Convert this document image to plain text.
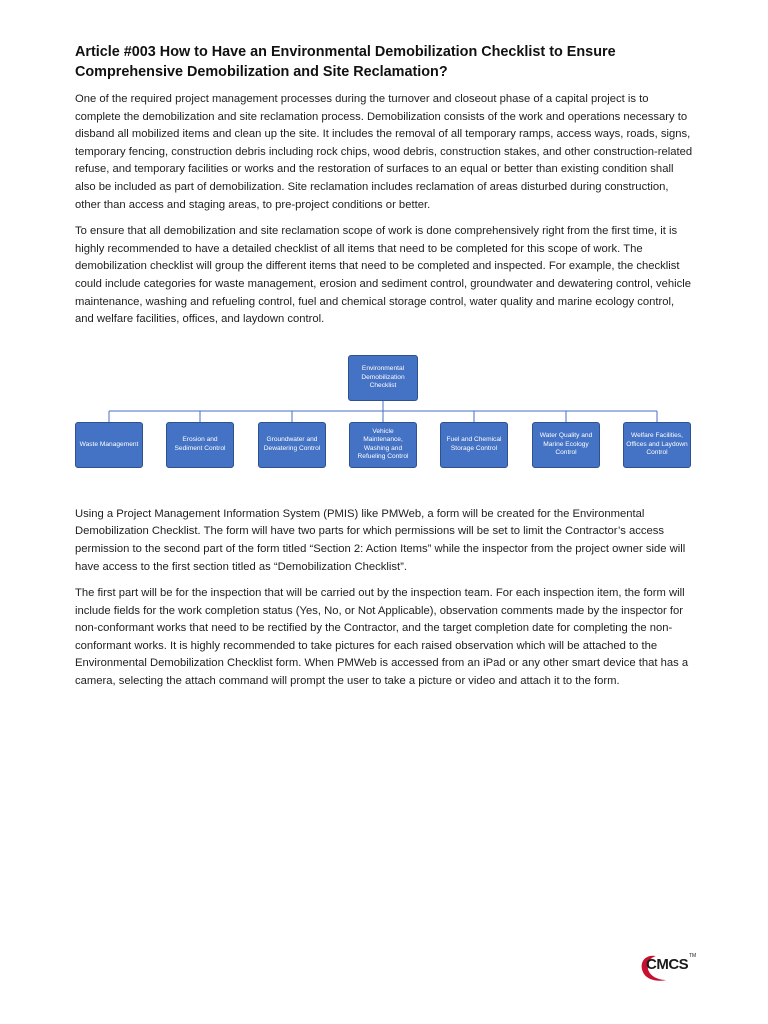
Article #003 How to Have an Environmental Demobilization Checklist to Ensure Comprehensive Demobilization and Site Reclamation?

One of the required project management processes during the turnover and closeout phase of a capital project is to complete the demobilization and site reclamation process. Demobilization consists of the work and operations necessary to disband all mobilized items and clean up the site. It includes the removal of all temporary ramps, access ways, roads, signs, temporary fencing, construction debris including rock chips, wood debris, construction stakes, and other construction-related refuse, and temporary facilities or works and the restoration of surfaces to an equal or better than existing condition shall also be included as part of demobilization. Site reclamation includes reclamation of areas disturbed during construction, other than access and staging areas, to pre-project conditions or better.

To ensure that all demobilization and site reclamation scope of work is done comprehensively right from the first time, it is highly recommended to have a detailed checklist of all items that need to be completed for this scope of work. The demobilization checklist will group the different items that need to be completed and inspected. For example, the checklist could include categories for waste management, erosion and sediment control, groundwater and dewatering control, vehicle maintenance, washing and refueling control, fuel and chemical storage control, water quality and marine ecology control, and welfare facilities, offices, and laydown control.

Environmental Demobilization Checklist
Waste Management
Erosion and Sediment Control
Groundwater and Dewatering Control
Vehicle Maintenance, Washing and Refueling Control
Fuel and Chemical Storage Control
Water Quality and Marine Ecology Control
Welfare Facilities, Offices and Laydown Control

Using a Project Management Information System (PMIS) like PMWeb, a form will be created for the Environmental Demobilization Checklist. The form will have two parts for which permissions will be set to limit the Contractor’s access permission to the second part of the form titled “Section 2: Action Items” while the inspector from the project owner side will have access to the first section titled as “Demobilization Checklist”.

The first part will be for the inspection that will be carried out by the inspection team. For each inspection item, the form will include fields for the work completion status (Yes, No, or Not Applicable), observation comments made by the inspector for non-conformant works that need to be rectified by the Contractor, and the target completion date for completing the non-conformant works. It is highly recommended to take pictures for each raised observation which will be attached to the Environmental Demobilization Checklist form. When PMWeb is accessed from an iPad or any other smart device that has a camera, selecting the attach command will prompt the user to take a picture or video and attach it to the form.

CMCS TM
